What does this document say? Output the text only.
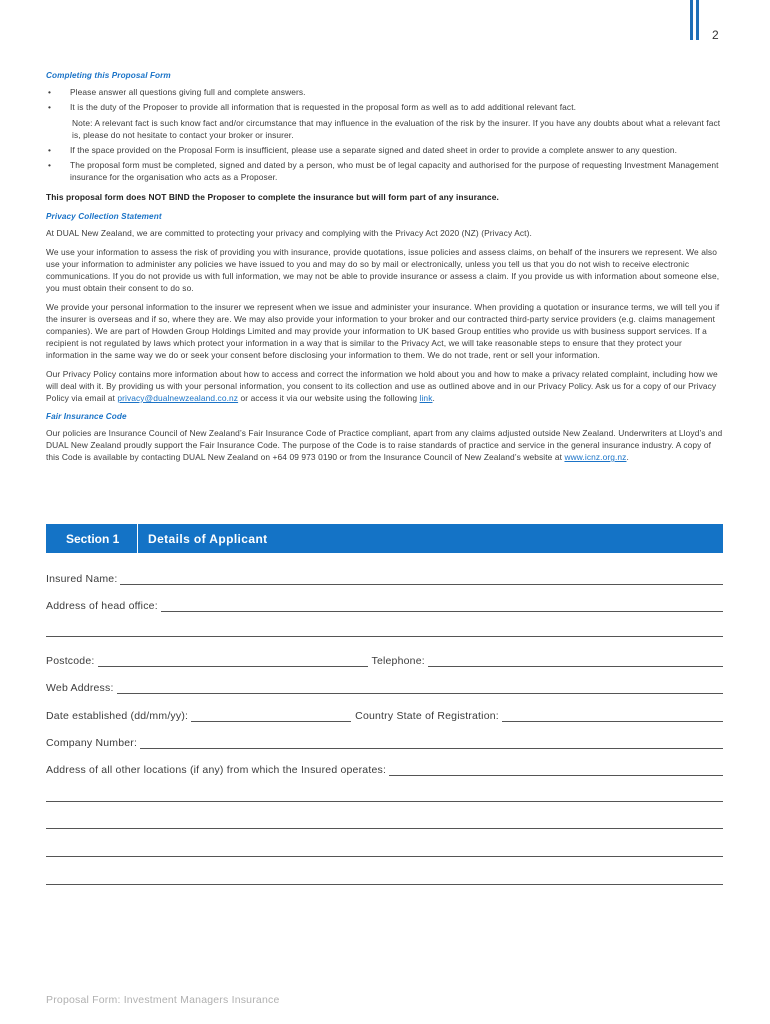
2
Completing this Proposal Form
• Please answer all questions giving full and complete answers.
• It is the duty of the Proposer to provide all information that is requested in the proposal form as well as to add additional relevant fact.
Note: A relevant fact is such know fact and/or circumstance that may influence in the evaluation of the risk by the insurer. If you have any doubts about what a relevant fact is, please do not hesitate to contact your broker or insurer.
• If the space provided on the Proposal Form is insufficient, please use a separate signed and dated sheet in order to provide a complete answer to any question.
• The proposal form must be completed, signed and dated by a person, who must be of legal capacity and authorised for the purpose of requesting Investment Management insurance for the organisation who acts as a Proposer.
This proposal form does NOT BIND the Proposer to complete the insurance but will form part of any insurance.
Privacy Collection Statement

At DUAL New Zealand, we are committed to protecting your privacy and complying with the Privacy Act 2020 (NZ) (Privacy Act).

We use your information to assess the risk of providing you with insurance, provide quotations, issue policies and assess claims, on behalf of the insurers we represent. We also use your information to administer any policies we have issued to you and may do so by mail or electronically, unless you tell us that you do not wish to receive electronic communications. If you do not provide us with full information, we may not be able to provide insurance or assess a claim. If you provide us with information about someone else, you must obtain their consent to do so.

We provide your personal information to the insurer we represent when we issue and administer your insurance. When providing a quotation or insurance terms, we will tell you if the insurer is overseas and if so, where they are. We may also provide your information to your broker and our contracted third-party service providers (e.g. claims management companies). We are part of Howden Group Holdings Limited and may provide your information to UK based Group entities who provide us with business support services. If a recipient is not regulated by laws which protect your information in a way that is similar to the Privacy Act, we will take reasonable steps to ensure that they protect your information in the same way we do or seek your consent before disclosing your information to them. We do not trade, rent or sell your information.

Our Privacy Policy contains more information about how to access and correct the information we hold about you and how to make a privacy related complaint, including how we will deal with it. By providing us with your personal information, you consent to its collection and use as outlined above and in our Privacy Policy. Ask us for a copy of our Privacy Policy via email at privacy@dualnewzealand.co.nz or access it via our website using the following link.

Fair Insurance Code

Our policies are Insurance Council of New Zealand’s Fair Insurance Code of Practice compliant, apart from any claims adjusted outside New Zealand. Underwriters at Lloyd’s and DUAL New Zealand proudly support the Fair Insurance Code. The purpose of the Code is to raise standards of practice and service in the general insurance industry. A copy of this Code is available by contacting DUAL New Zealand on +64 09 973 0190 or from the Insurance Council of New Zealand’s website at www.icnz.org.nz.

Section 1 Details of Applicant
Insured Name:
Address of head office:
Postcode:	Telephone:
Web Address:
Date established (dd/mm/yy):	Country State of Registration:
Company Number:
Address of all other locations (if any) from which the Insured operates:
Proposal Form: Investment Managers Insurance
